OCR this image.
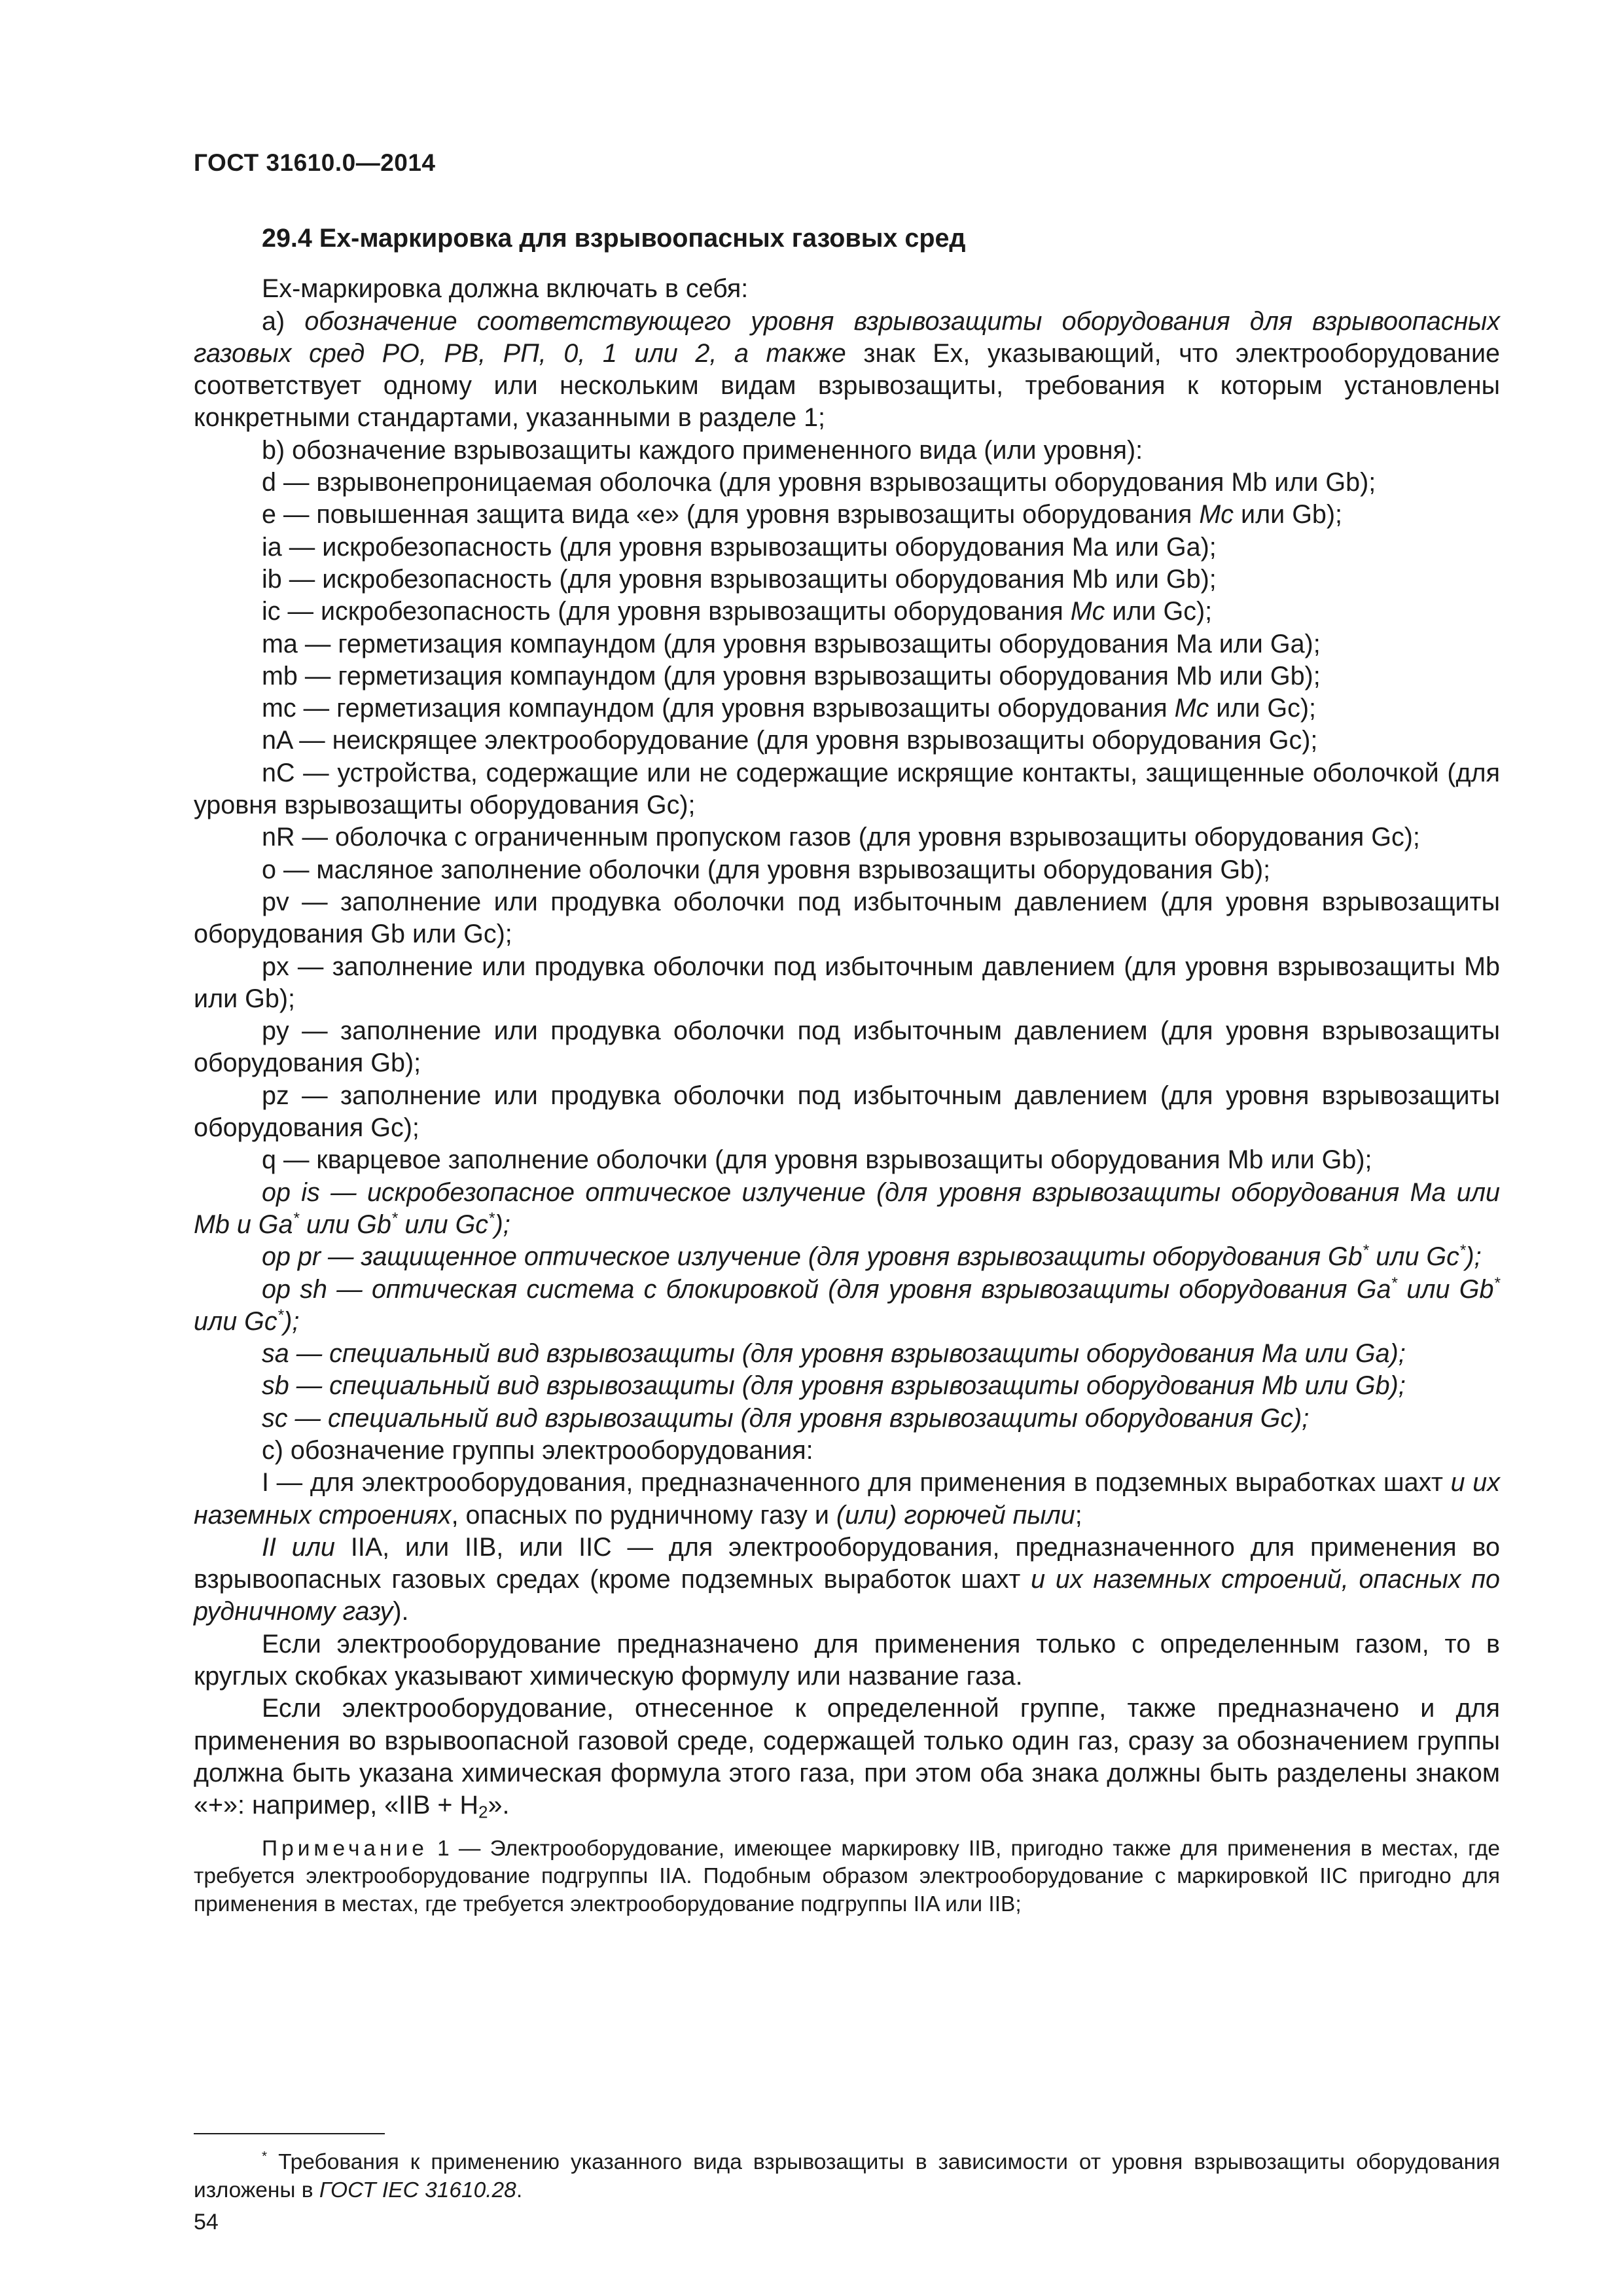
ГОСТ 31610.0—2014
29.4 Ех-маркировка для взрывоопасных газовых сред

Ех-маркировка должна включать в себя:

a) обозначение соответствующего уровня взрывозащиты оборудования для взрывоопасных газовых сред РО, РВ, РП, 0, 1 или 2, а также знак Ex, указывающий, что электрооборудование соответствует одному или нескольким видам взрывозащиты, требования к которым установлены конкретными стандартами, указанными в разделе 1;

b) обозначение взрывозащиты каждого примененного вида (или уровня):

d — взрывонепроницаемая оболочка (для уровня взрывозащиты оборудования Mb или Gb);

e — повышенная защита вида «e» (для уровня взрывозащиты оборудования Mc или Gb);

ia — искробезопасность (для уровня взрывозащиты оборудования Ma или Ga);

ib — искробезопасность (для уровня взрывозащиты оборудования Mb или Gb);

ic — искробезопасность (для уровня взрывозащиты оборудования Mc или Gc);

ma — герметизация компаундом (для уровня взрывозащиты оборудования Ma или Ga);

mb — герметизация компаундом (для уровня взрывозащиты оборудования Mb или Gb);

mc — герметизация компаундом (для уровня взрывозащиты оборудования Mc или Gc);

nA — неискрящее электрооборудование (для уровня взрывозащиты оборудования Gc);

nC — устройства, содержащие или не содержащие искрящие контакты, защищенные оболочкой (для уровня взрывозащиты оборудования Gc);

nR — оболочка с ограниченным пропуском газов (для уровня взрывозащиты оборудования Gc);

o — масляное заполнение оболочки (для уровня взрывозащиты оборудования Gb);

pv — заполнение или продувка оболочки под избыточным давлением (для уровня взрывозащиты оборудования Gb или Gc);

px — заполнение или продувка оболочки под избыточным давлением (для уровня взрывозащиты Mb или Gb);

py — заполнение или продувка оболочки под избыточным давлением (для уровня взрывозащиты оборудования Gb);

pz — заполнение или продувка оболочки под избыточным давлением (для уровня взрывозащиты оборудования Gc);

q — кварцевое заполнение оболочки (для уровня взрывозащиты оборудования Mb или Gb);

op is — искробезопасное оптическое излучение (для уровня взрывозащиты оборудования Ma или Mb и Ga* или Gb* или Gc*);

op pr — защищенное оптическое излучение (для уровня взрывозащиты оборудования Gb* или Gc*);

op sh — оптическая система с блокировкой (для уровня взрывозащиты оборудования Ga* или Gb* или Gc*);

sa — специальный вид взрывозащиты (для уровня взрывозащиты оборудования Ma или Ga);

sb — специальный вид взрывозащиты (для уровня взрывозащиты оборудования Mb или Gb);

sc — специальный вид взрывозащиты (для уровня взрывозащиты оборудования Gc);

c) обозначение группы электрооборудования:

I — для электрооборудования, предназначенного для применения в подземных выработках шахт и их наземных строениях, опасных по рудничному газу и (или) горючей пыли;

II или IIA, или IIB, или IIC — для электрооборудования, предназначенного для применения во взрывоопасных газовых средах (кроме подземных выработок шахт и их наземных строений, опасных по рудничному газу).

Если электрооборудование предназначено для применения только с определенным газом, то в круглых скобках указывают химическую формулу или название газа.

Если электрооборудование, отнесенное к определенной группе, также предназначено и для применения во взрывоопасной газовой среде, содержащей только один газ, сразу за обозначением группы должна быть указана химическая формула этого газа, при этом оба знака должны быть разделены знаком «+»: например, «IIB + $H_2$».

Примечание 1 — Электрооборудование, имеющее маркировку IIB, пригодно также для применения в местах, где требуется электрооборудование подгруппы IIA. Подобным образом электрооборудование с маркировкой IIC пригодно для применения в местах, где требуется электрооборудование подгруппы IIA или IIB;

* Требования к применению указанного вида взрывозащиты в зависимости от уровня взрывозащиты оборудования изложены в ГОСТ IEC 31610.28.
54
